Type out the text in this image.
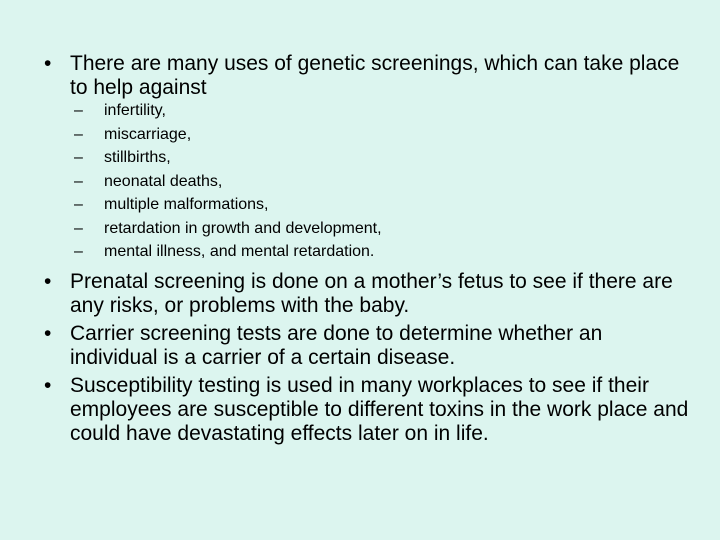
• There are many uses of genetic screenings, which can take place to help against
– infertility,
– miscarriage,
– stillbirths,
– neonatal deaths,
– multiple malformations,
– retardation in growth and development,
– mental illness, and mental retardation.
• Prenatal screening is done on a mother’s fetus to see if there are any risks, or problems with the baby.
• Carrier screening tests are done to determine whether an individual is a carrier of a certain disease.
• Susceptibility testing is used in many workplaces to see if their employees are susceptible to different toxins in the work place and could have devastating effects later on in life.
